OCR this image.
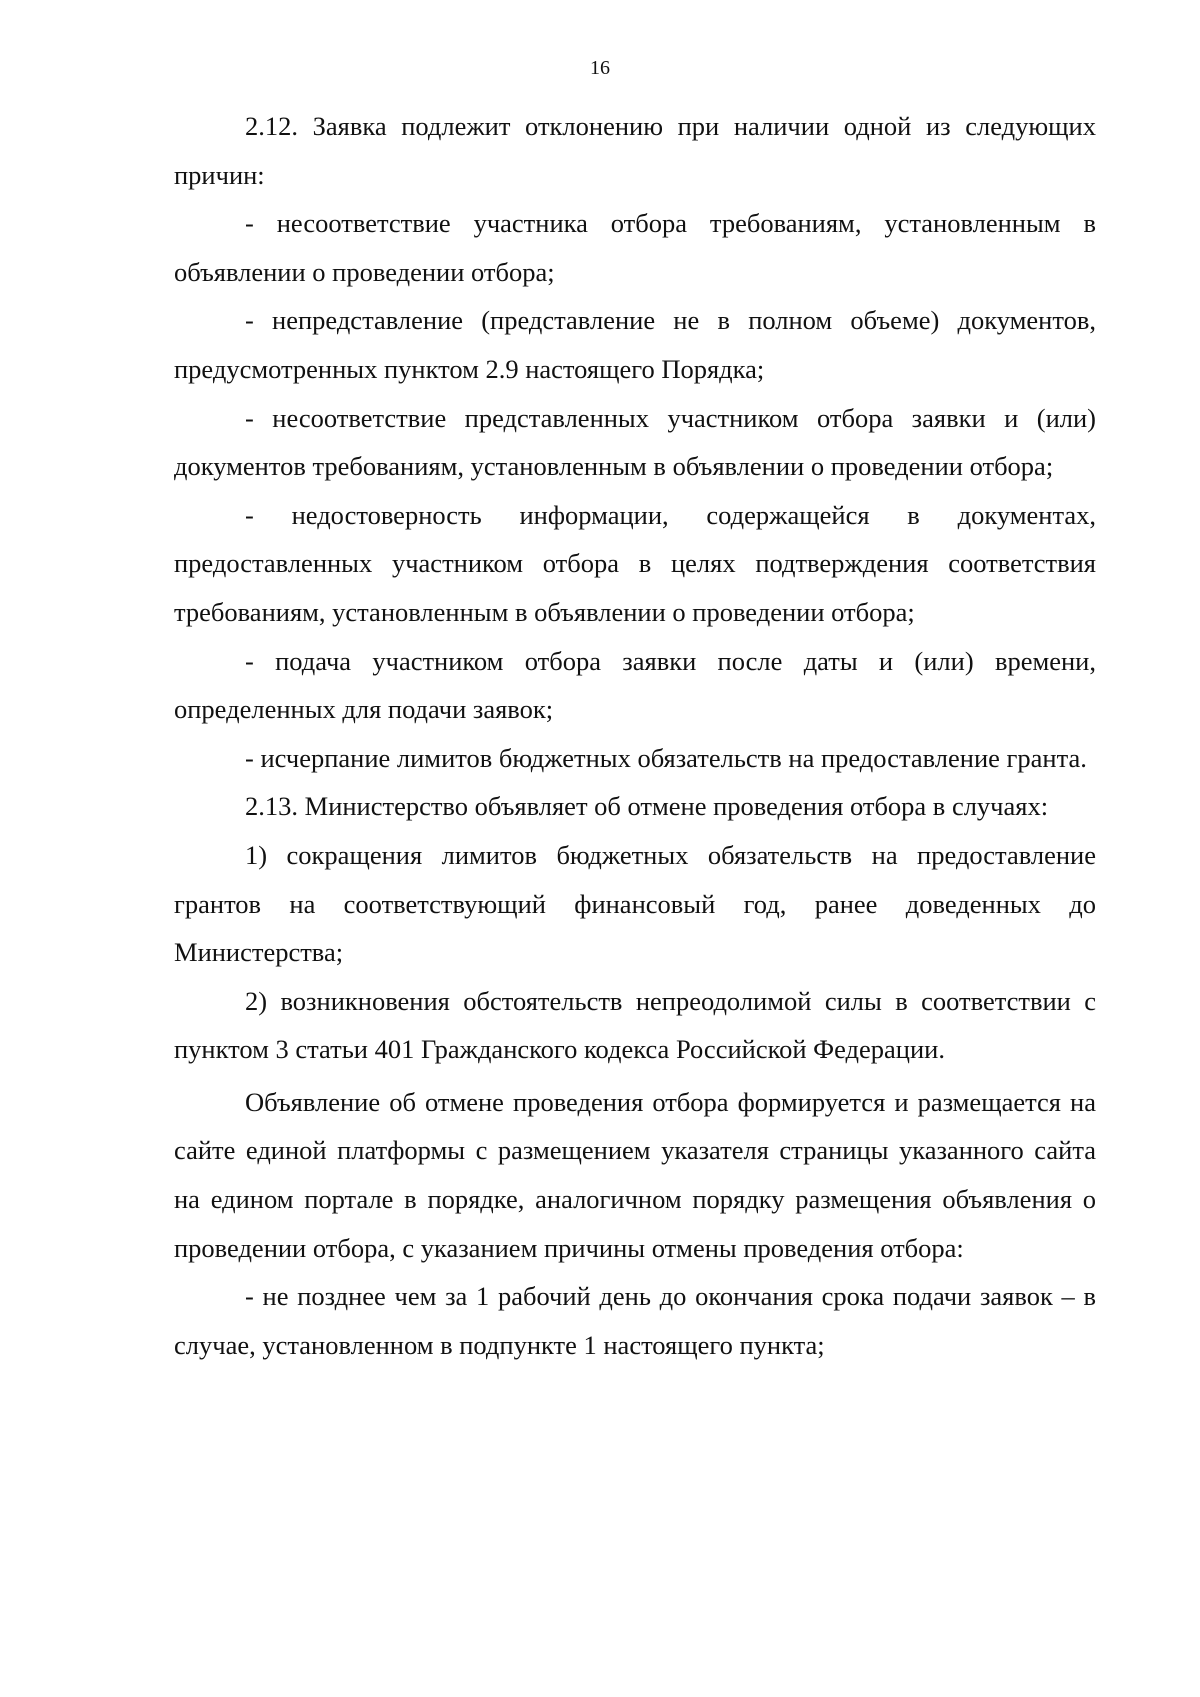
16

2.12. Заявка подлежит отклонению при наличии одной из следующих причин:

- несоответствие участника отбора требованиям, установленным в объявлении о проведении отбора;

- непредставление (представление не в полном объеме) документов, предусмотренных пунктом 2.9 настоящего Порядка;

- несоответствие представленных участником отбора заявки и (или) документов требованиям, установленным в объявлении о проведении отбора;

- недостоверность информации, содержащейся в документах, предоставленных участником отбора в целях подтверждения соответствия требованиям, установленным в объявлении о проведении отбора;

- подача участником отбора заявки после даты и (или) времени, определенных для подачи заявок;

- исчерпание лимитов бюджетных обязательств на предоставление гранта.

2.13. Министерство объявляет об отмене проведения отбора в случаях:

1) сокращения лимитов бюджетных обязательств на предоставление грантов на соответствующий финансовый год, ранее доведенных до Министерства;

2) возникновения обстоятельств непреодолимой силы в соответствии с пунктом 3 статьи 401 Гражданского кодекса Российской Федерации.

Объявление об отмене проведения отбора формируется и размещается на сайте единой платформы с размещением указателя страницы указанного сайта на едином портале в порядке, аналогичном порядку размещения объявления о проведении отбора, с указанием причины отмены проведения отбора:

- не позднее чем за 1 рабочий день до окончания срока подачи заявок – в случае, установленном в подпункте 1 настоящего пункта;
